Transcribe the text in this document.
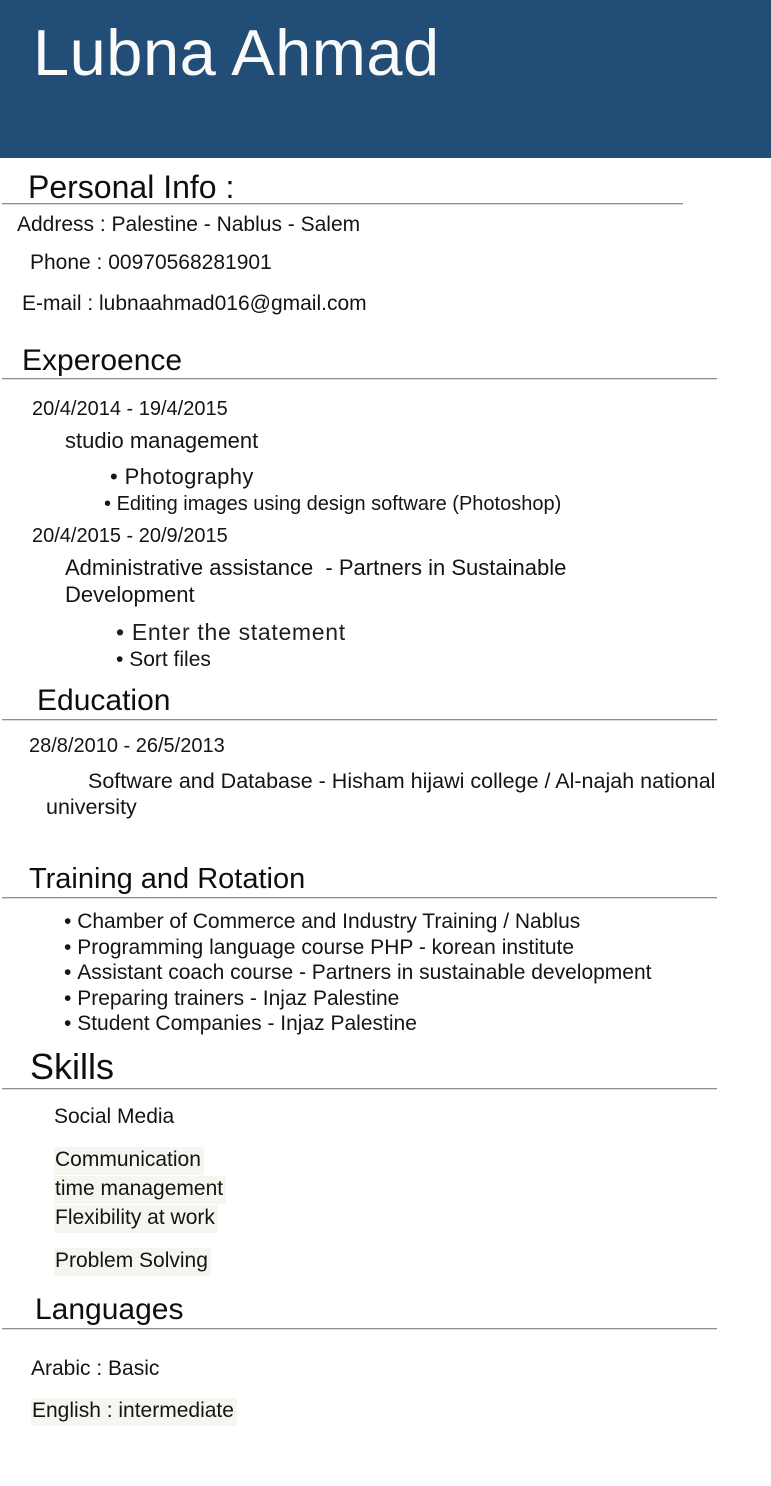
Lubna Ahmad
Personal Info :
Address : Palestine - Nablus - Salem
Phone : 00970568281901
E-mail : lubnaahmad016@gmail.com
Experoence
20/4/2014 - 19/4/2015
studio management
• Photography
• Editing images using design software (Photoshop)
20/4/2015 - 20/9/2015
Administrative assistance  - Partners in Sustainable Development
• Enter the statement
• Sort files
Education
28/8/2010 - 26/5/2013
Software and Database - Hisham hijawi college / Al-najah national university
Training and Rotation
• Chamber of Commerce and Industry Training / Nablus
• Programming language course PHP - korean institute
• Assistant coach course - Partners in sustainable development
• Preparing trainers - Injaz Palestine
• Student Companies - Injaz Palestine
Skills
Social Media
Communication
time management
Flexibility at work
Problem Solving
Languages
Arabic : Basic
English : intermediate
